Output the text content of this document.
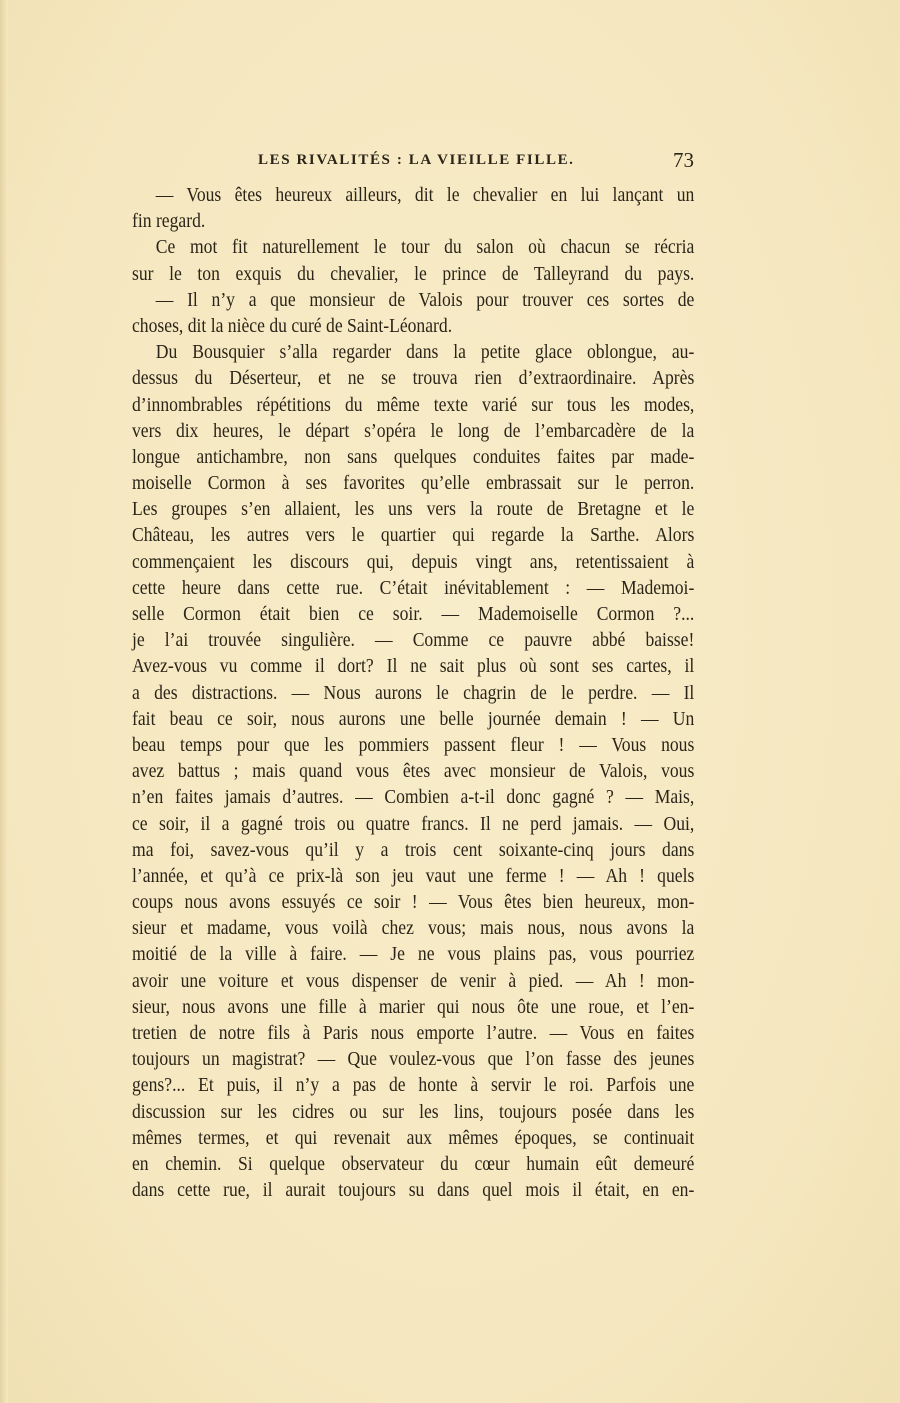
LES RIVALITÉS : LA VIEILLE FILLE.	73
— Vous êtes heureux ailleurs, dit le chevalier en lui lançant un
fin regard.
Ce mot fit naturellement le tour du salon où chacun se récria
sur le ton exquis du chevalier, le prince de Talleyrand du pays.
— Il n’y a que monsieur de Valois pour trouver ces sortes de
choses, dit la nièce du curé de Saint-Léonard.
Du Bousquier s’alla regarder dans la petite glace oblongue, au-
dessus du Déserteur, et ne se trouva rien d’extraordinaire. Après
d’innombrables répétitions du même texte varié sur tous les modes,
vers dix heures, le départ s’opéra le long de l’embarcadère de la
longue antichambre, non sans quelques conduites faites par made-
moiselle Cormon à ses favorites qu’elle embrassait sur le perron.
Les groupes s’en allaient, les uns vers la route de Bretagne et le
Château, les autres vers le quartier qui regarde la Sarthe. Alors
commençaient les discours qui, depuis vingt ans, retentissaient à
cette heure dans cette rue. C’était inévitablement : — Mademoi-
selle Cormon était bien ce soir. — Mademoiselle Cormon ?...
je l’ai trouvée singulière. — Comme ce pauvre abbé baisse!
Avez-vous vu comme il dort? Il ne sait plus où sont ses cartes, il
a des distractions. — Nous aurons le chagrin de le perdre. — Il
fait beau ce soir, nous aurons une belle journée demain ! — Un
beau temps pour que les pommiers passent fleur ! — Vous nous
avez battus ; mais quand vous êtes avec monsieur de Valois, vous
n’en faites jamais d’autres. — Combien a-t-il donc gagné ? — Mais,
ce soir, il a gagné trois ou quatre francs. Il ne perd jamais. — Oui,
ma foi, savez-vous qu’il y a trois cent soixante-cinq jours dans
l’année, et qu’à ce prix-là son jeu vaut une ferme ! — Ah ! quels
coups nous avons essuyés ce soir ! — Vous êtes bien heureux, mon-
sieur et madame, vous voilà chez vous; mais nous, nous avons la
moitié de la ville à faire. — Je ne vous plains pas, vous pourriez
avoir une voiture et vous dispenser de venir à pied. — Ah ! mon-
sieur, nous avons une fille à marier qui nous ôte une roue, et l’en-
tretien de notre fils à Paris nous emporte l’autre. — Vous en faites
toujours un magistrat? — Que voulez-vous que l’on fasse des jeunes
gens?... Et puis, il n’y a pas de honte à servir le roi. Parfois une
discussion sur les cidres ou sur les lins, toujours posée dans les
mêmes termes, et qui revenait aux mêmes époques, se continuait
en chemin. Si quelque observateur du cœur humain eût demeuré
dans cette rue, il aurait toujours su dans quel mois il était, en en-
